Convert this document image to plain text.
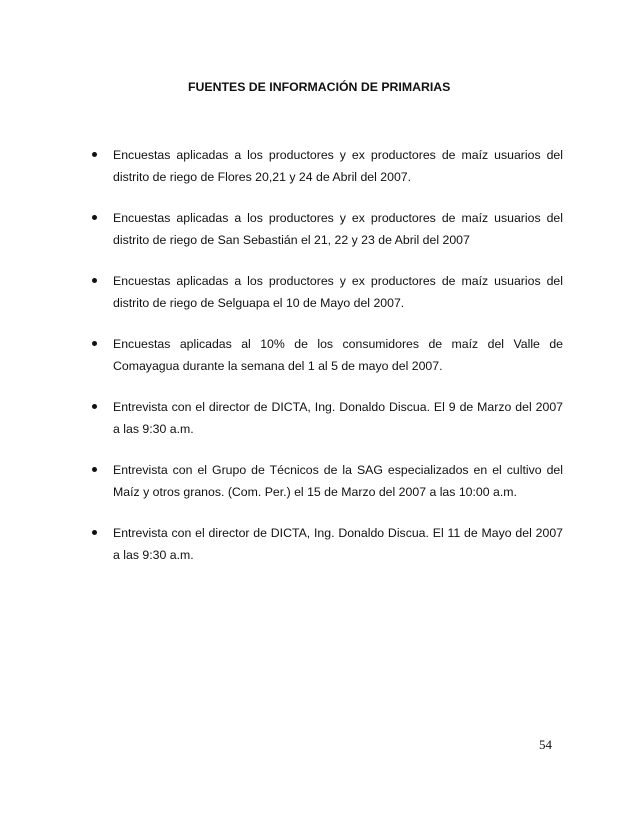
FUENTES DE INFORMACIÓN DE PRIMARIAS
Encuestas aplicadas a los productores y ex productores de maíz usuarios del distrito de riego de Flores 20,21 y 24 de Abril del 2007.
Encuestas aplicadas a los productores y ex productores de maíz usuarios del distrito de riego de San Sebastián el 21, 22 y 23 de Abril del 2007
Encuestas aplicadas a los productores y ex productores de maíz usuarios del distrito de riego de Selguapa el 10 de Mayo del 2007.
Encuestas aplicadas al 10% de los consumidores de maíz del Valle de Comayagua durante la semana del 1 al 5 de mayo del 2007.
Entrevista con el director de DICTA, Ing. Donaldo Discua. El 9 de Marzo del 2007 a las 9:30 a.m.
Entrevista con el Grupo de Técnicos de la SAG especializados en el cultivo del Maíz y otros granos. (Com. Per.) el 15 de Marzo del 2007 a las 10:00 a.m.
Entrevista con el director de DICTA, Ing. Donaldo Discua. El 11 de Mayo del 2007 a las 9:30 a.m.
54
